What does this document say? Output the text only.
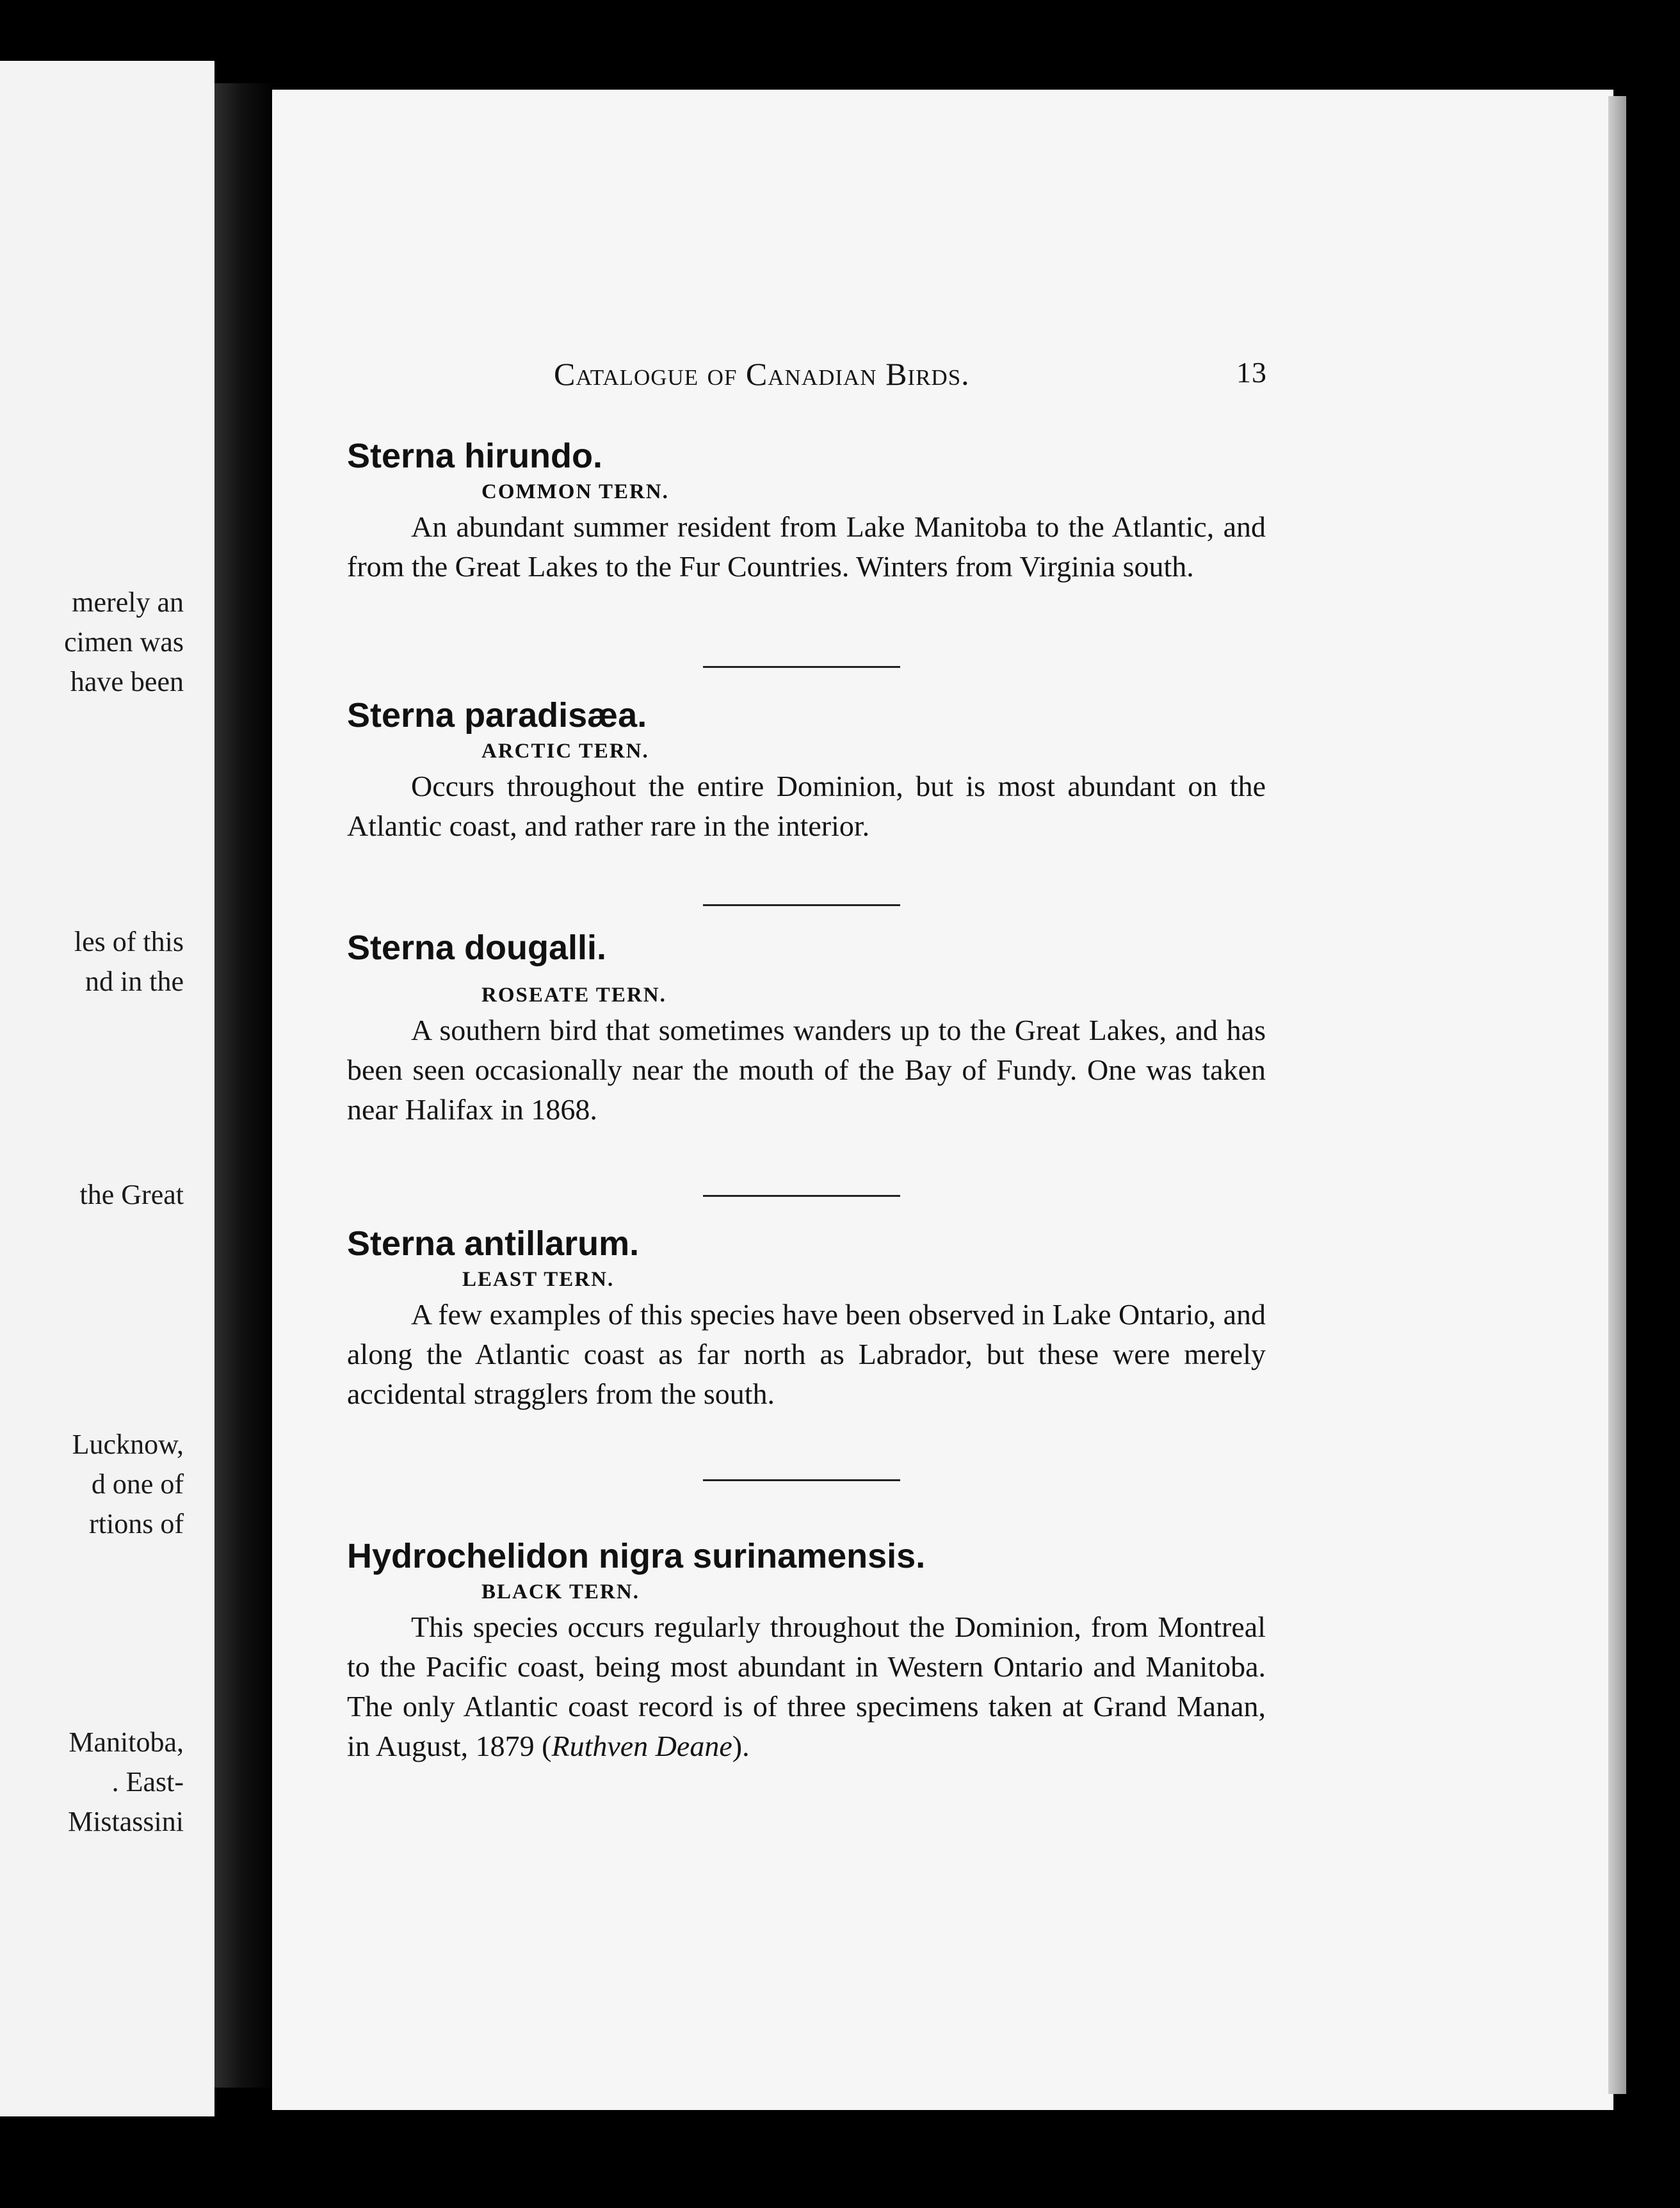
merely an
cimen was
have been
les of this
nd in the
the Great
Lucknow,
d one of
rtions of
Manitoba,
. East-
Mistassini
Catalogue of Canadian Birds.	13
Sterna hirundo.
COMMON TERN.

An abundant summer resident from Lake Manitoba to the Atlantic, and from the Great Lakes to the Fur Countries. Winters from Virginia south.

Sterna paradisæa.
ARCTIC TERN.

Occurs throughout the entire Dominion, but is most abundant on the Atlantic coast, and rather rare in the interior.

Sterna dougalli.
ROSEATE TERN.

A southern bird that sometimes wanders up to the Great Lakes, and has been seen occasionally near the mouth of the Bay of Fundy. One was taken near Halifax in 1868.

Sterna antillarum.
LEAST TERN.

A few examples of this species have been observed in Lake Ontario, and along the Atlantic coast as far north as Labrador, but these were merely accidental stragglers from the south.

Hydrochelidon nigra surinamensis.
BLACK TERN.

This species occurs regularly throughout the Dominion, from Montreal to the Pacific coast, being most abundant in Western Ontario and Manitoba. The only Atlantic coast record is of three specimens taken at Grand Manan, in August, 1879 (Ruthven Deane).
